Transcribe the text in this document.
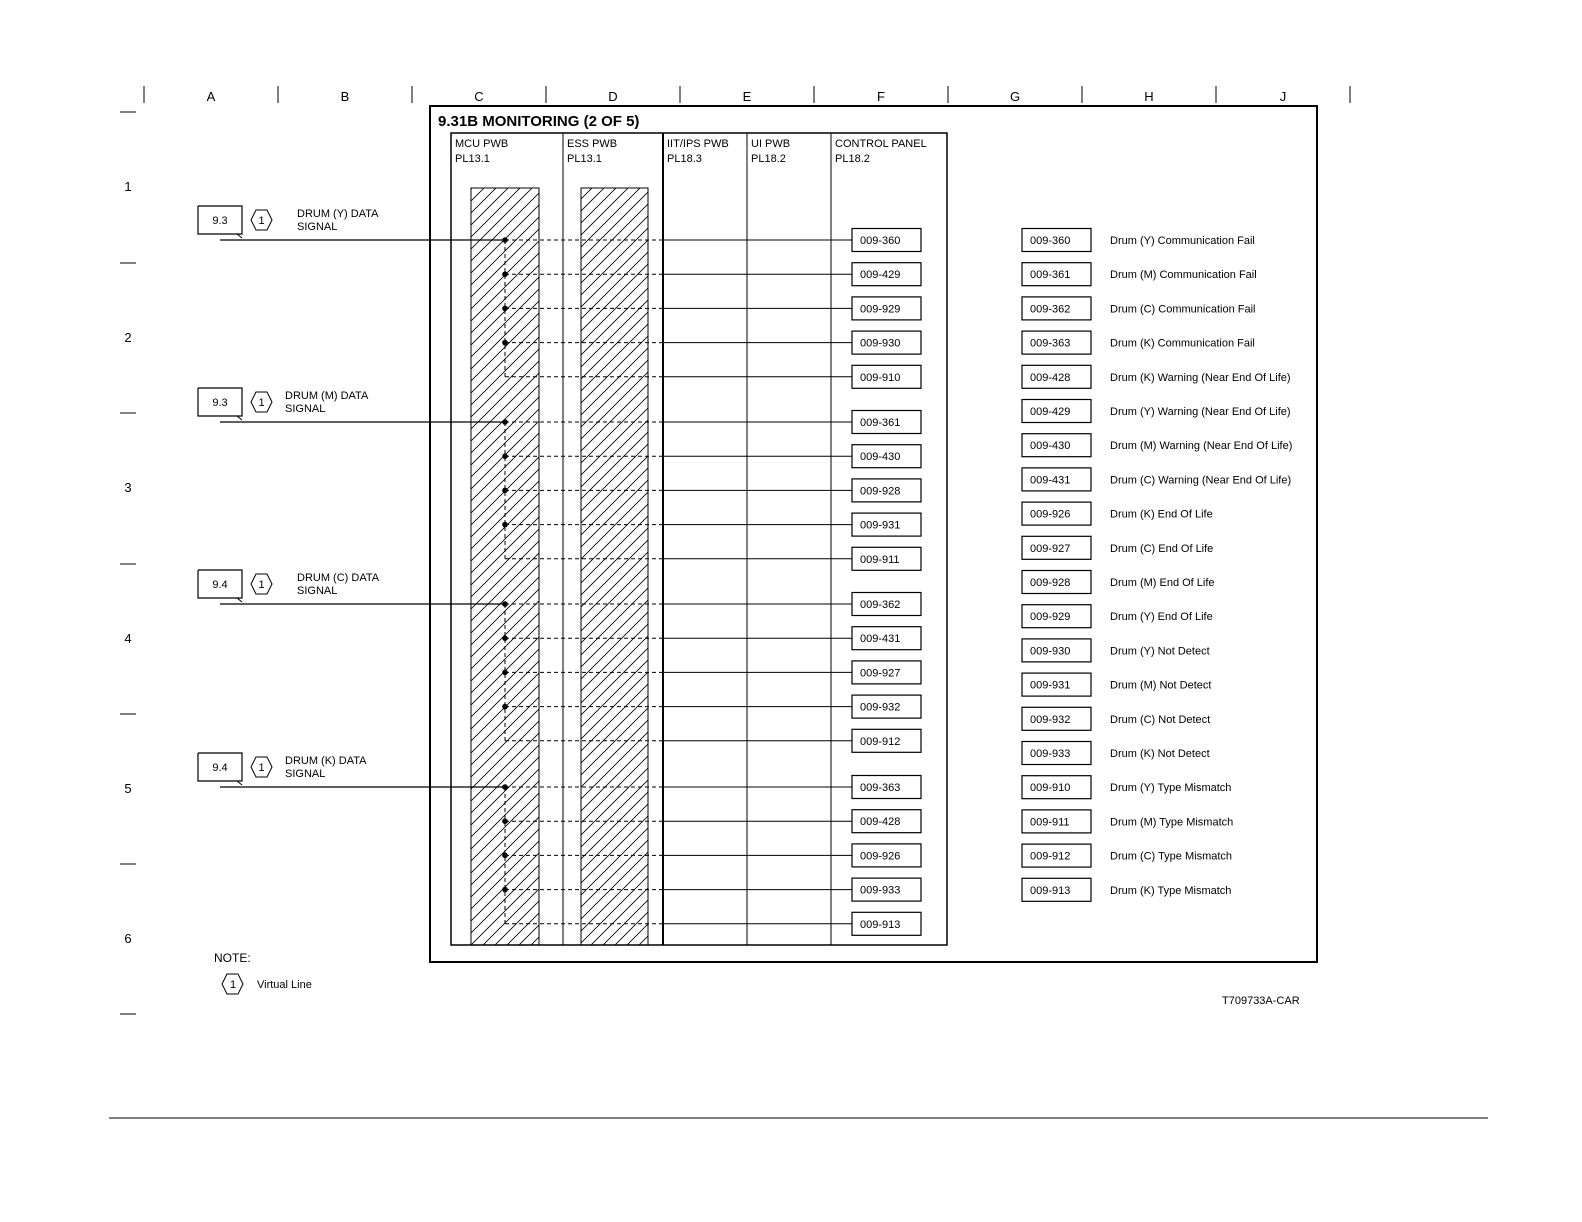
A	B	C	D	E	F	G	H	J
1
2
3
4
5
6
9.31B MONITORING (2 OF 5)
MCU PWB
PL13.1
ESS PWB
PL13.1
IIT/IPS PWB
PL18.3
UI PWB
PL18.2
CONTROL PANEL
PL18.2
009-360
009-429
009-929
009-930
009-910
009-361
009-430
009-928
009-931
009-911
009-362
009-431
009-927
009-932
009-912
009-363
009-428
009-926
009-933
009-913
9.3	1
DRUM (Y) DATA
SIGNAL
9.3	1
DRUM (M) DATA
SIGNAL
9.4	1
DRUM (C) DATA
SIGNAL
9.4	1
DRUM (K) DATA
SIGNAL
009-360	Drum (Y) Communication Fail
009-361	Drum (M) Communication Fail
009-362	Drum (C) Communication Fail
009-363	Drum (K) Communication Fail
009-428	Drum (K) Warning (Near End Of Life)
009-429	Drum (Y) Warning (Near End Of Life)
009-430	Drum (M) Warning (Near End Of Life)
009-431	Drum (C) Warning (Near End Of Life)
009-926	Drum (K) End Of Life
009-927	Drum (C) End Of Life
009-928	Drum (M) End Of Life
009-929	Drum (Y) End Of Life
009-930	Drum (Y) Not Detect
009-931	Drum (M) Not Detect
009-932	Drum (C) Not Detect
009-933	Drum (K) Not Detect
009-910	Drum (Y) Type Mismatch
009-911	Drum (M) Type Mismatch
009-912	Drum (C) Type Mismatch
009-913	Drum (K) Type Mismatch
NOTE:
1 Virtual Line
T709733A-CAR
